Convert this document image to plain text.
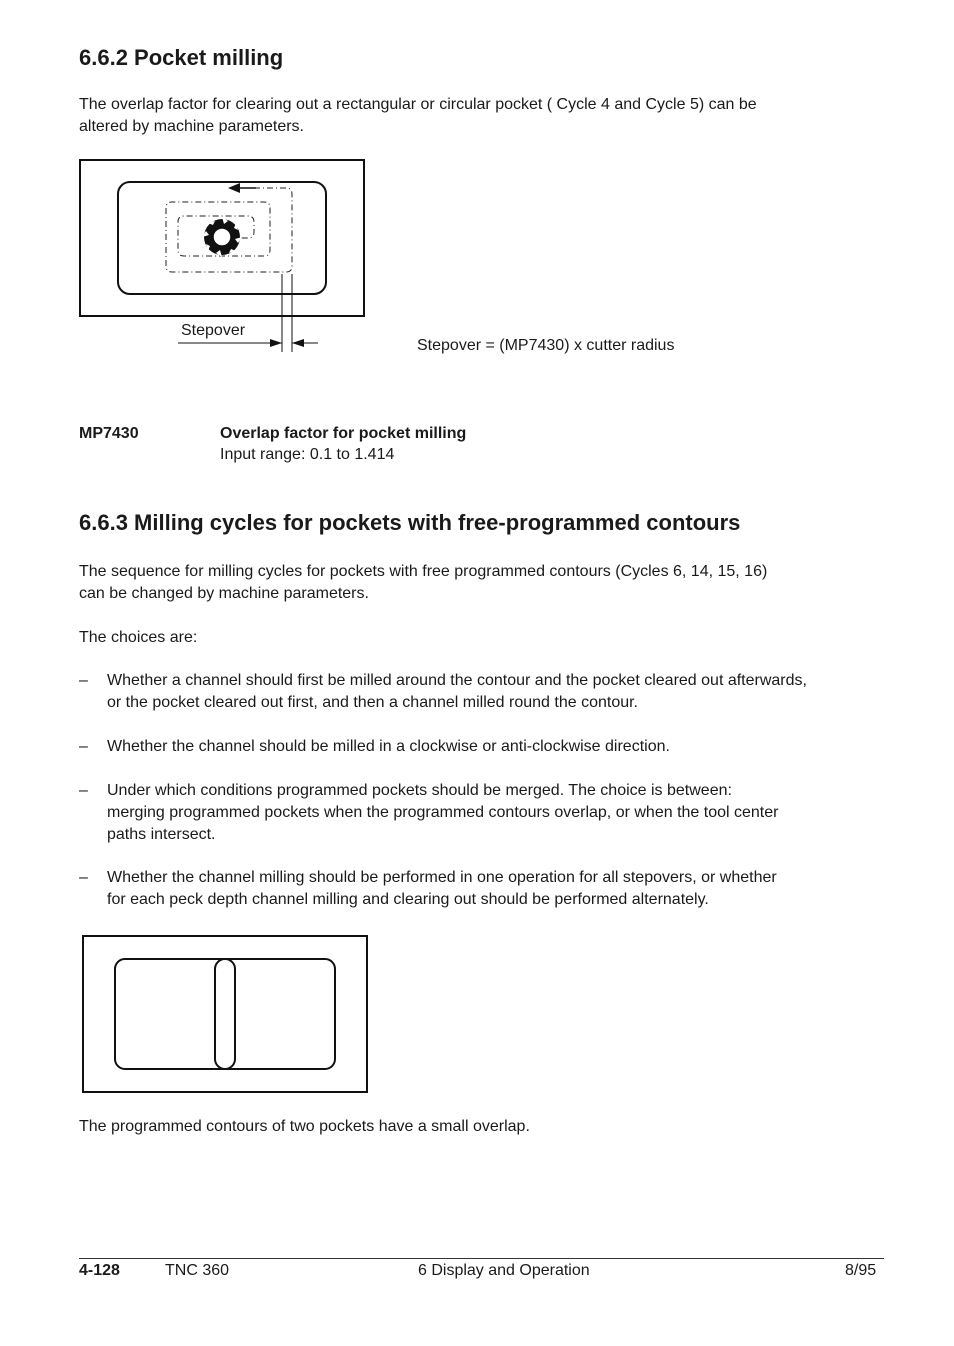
6.6.2 Pocket milling
The overlap factor for clearing out a rectangular or circular pocket ( Cycle 4 and Cycle 5) can be
altered by machine parameters.
Stepover
Stepover = (MP7430) x cutter radius
MP7430	Overlap factor for pocket milling
Input range: 0.1 to 1.414
6.6.3 Milling cycles for pockets with free-programmed contours
The sequence for milling cycles for pockets with free programmed contours (Cycles 6, 14, 15, 16)
can be changed by machine parameters.
The choices are:
– Whether a channel should first be milled around the contour and the pocket cleared out afterwards,
or the pocket cleared out first, and then a channel milled round the contour.
– Whether the channel should be milled in a clockwise or anti-clockwise direction.
– Under which conditions programmed pockets should be merged. The choice is between:
merging programmed pockets when the programmed contours overlap, or when the tool center
paths intersect.
– Whether the channel milling should be performed in one operation for all stepovers, or whether
for each peck depth channel milling and clearing out should be performed alternately.
The programmed contours of two pockets have a small overlap.
4-128	TNC 360	6 Display and Operation	8/95
